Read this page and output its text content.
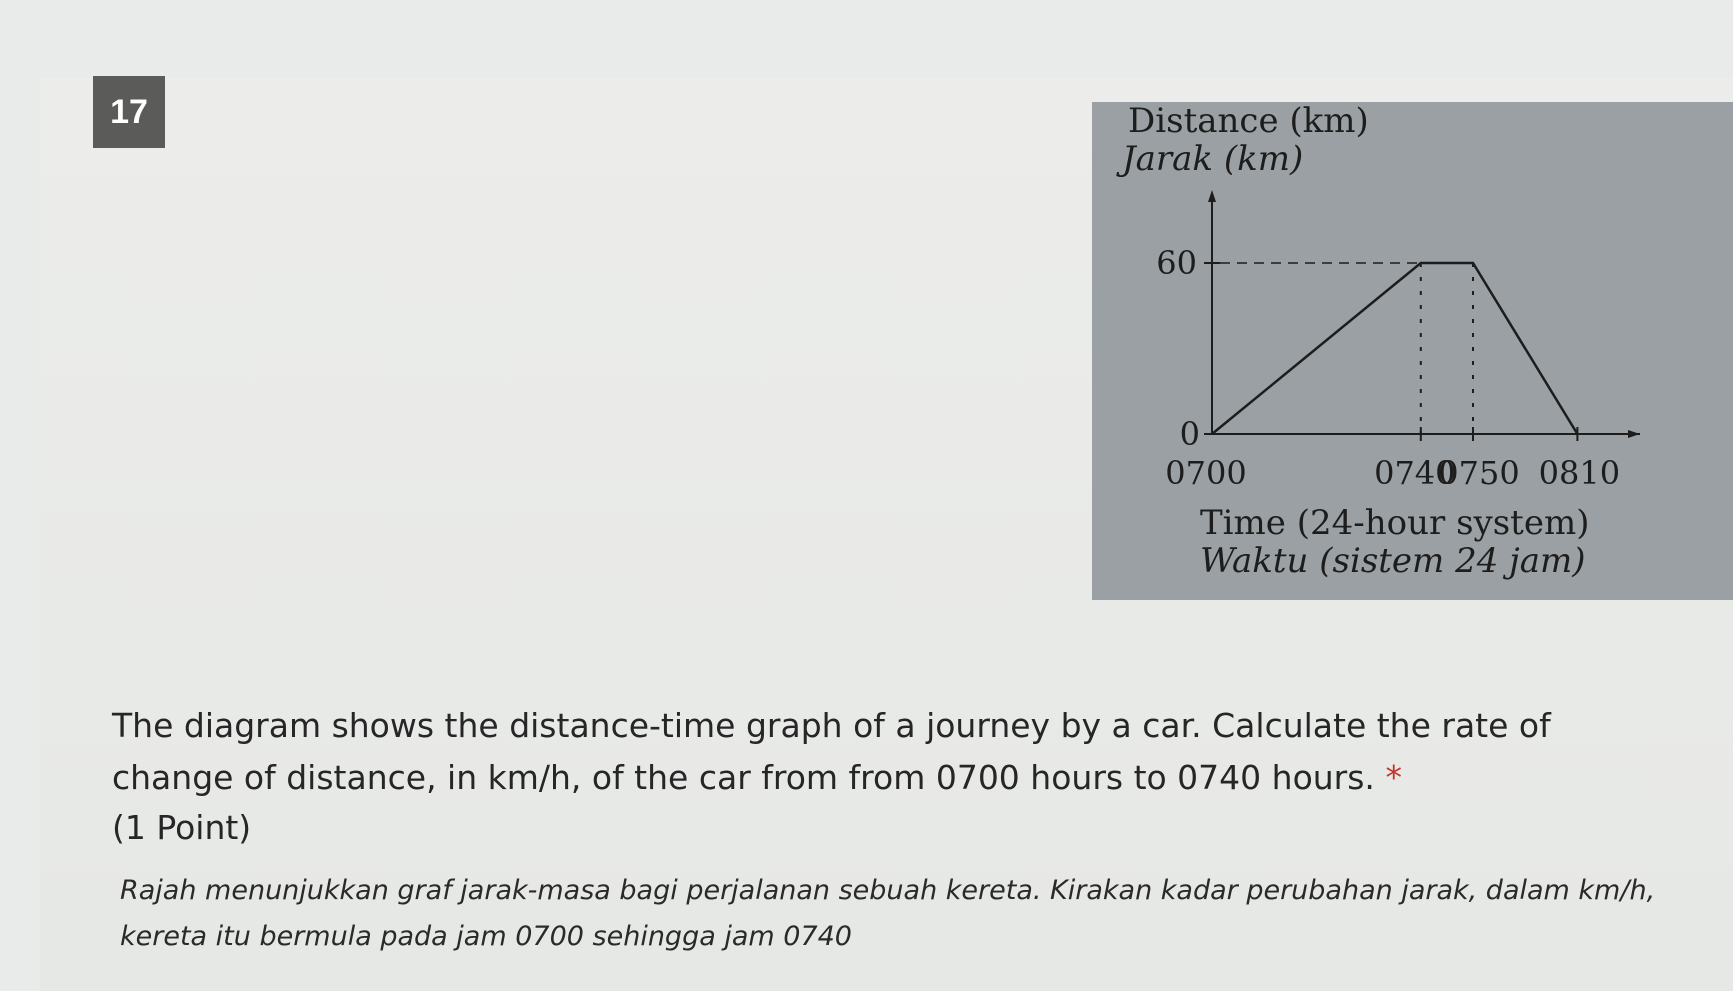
17	Distance (km)
Jarak (km)
60
0
0700	0740
0750 0810
Time (24-hour system)
Waktu (sistem 24 jam)
The diagram shows the distance-time graph of a journey by a car. Calculate the rate of change of distance, in km/h, of the car from from 0700 hours to 0740 hours. *
(1 Point)
Rajah menunjukkan graf jarak-masa bagi perjalanan sebuah kereta. Kirakan kadar perubahan jarak, dalam km/h, kereta itu bermula pada jam 0700 sehingga jam 0740
